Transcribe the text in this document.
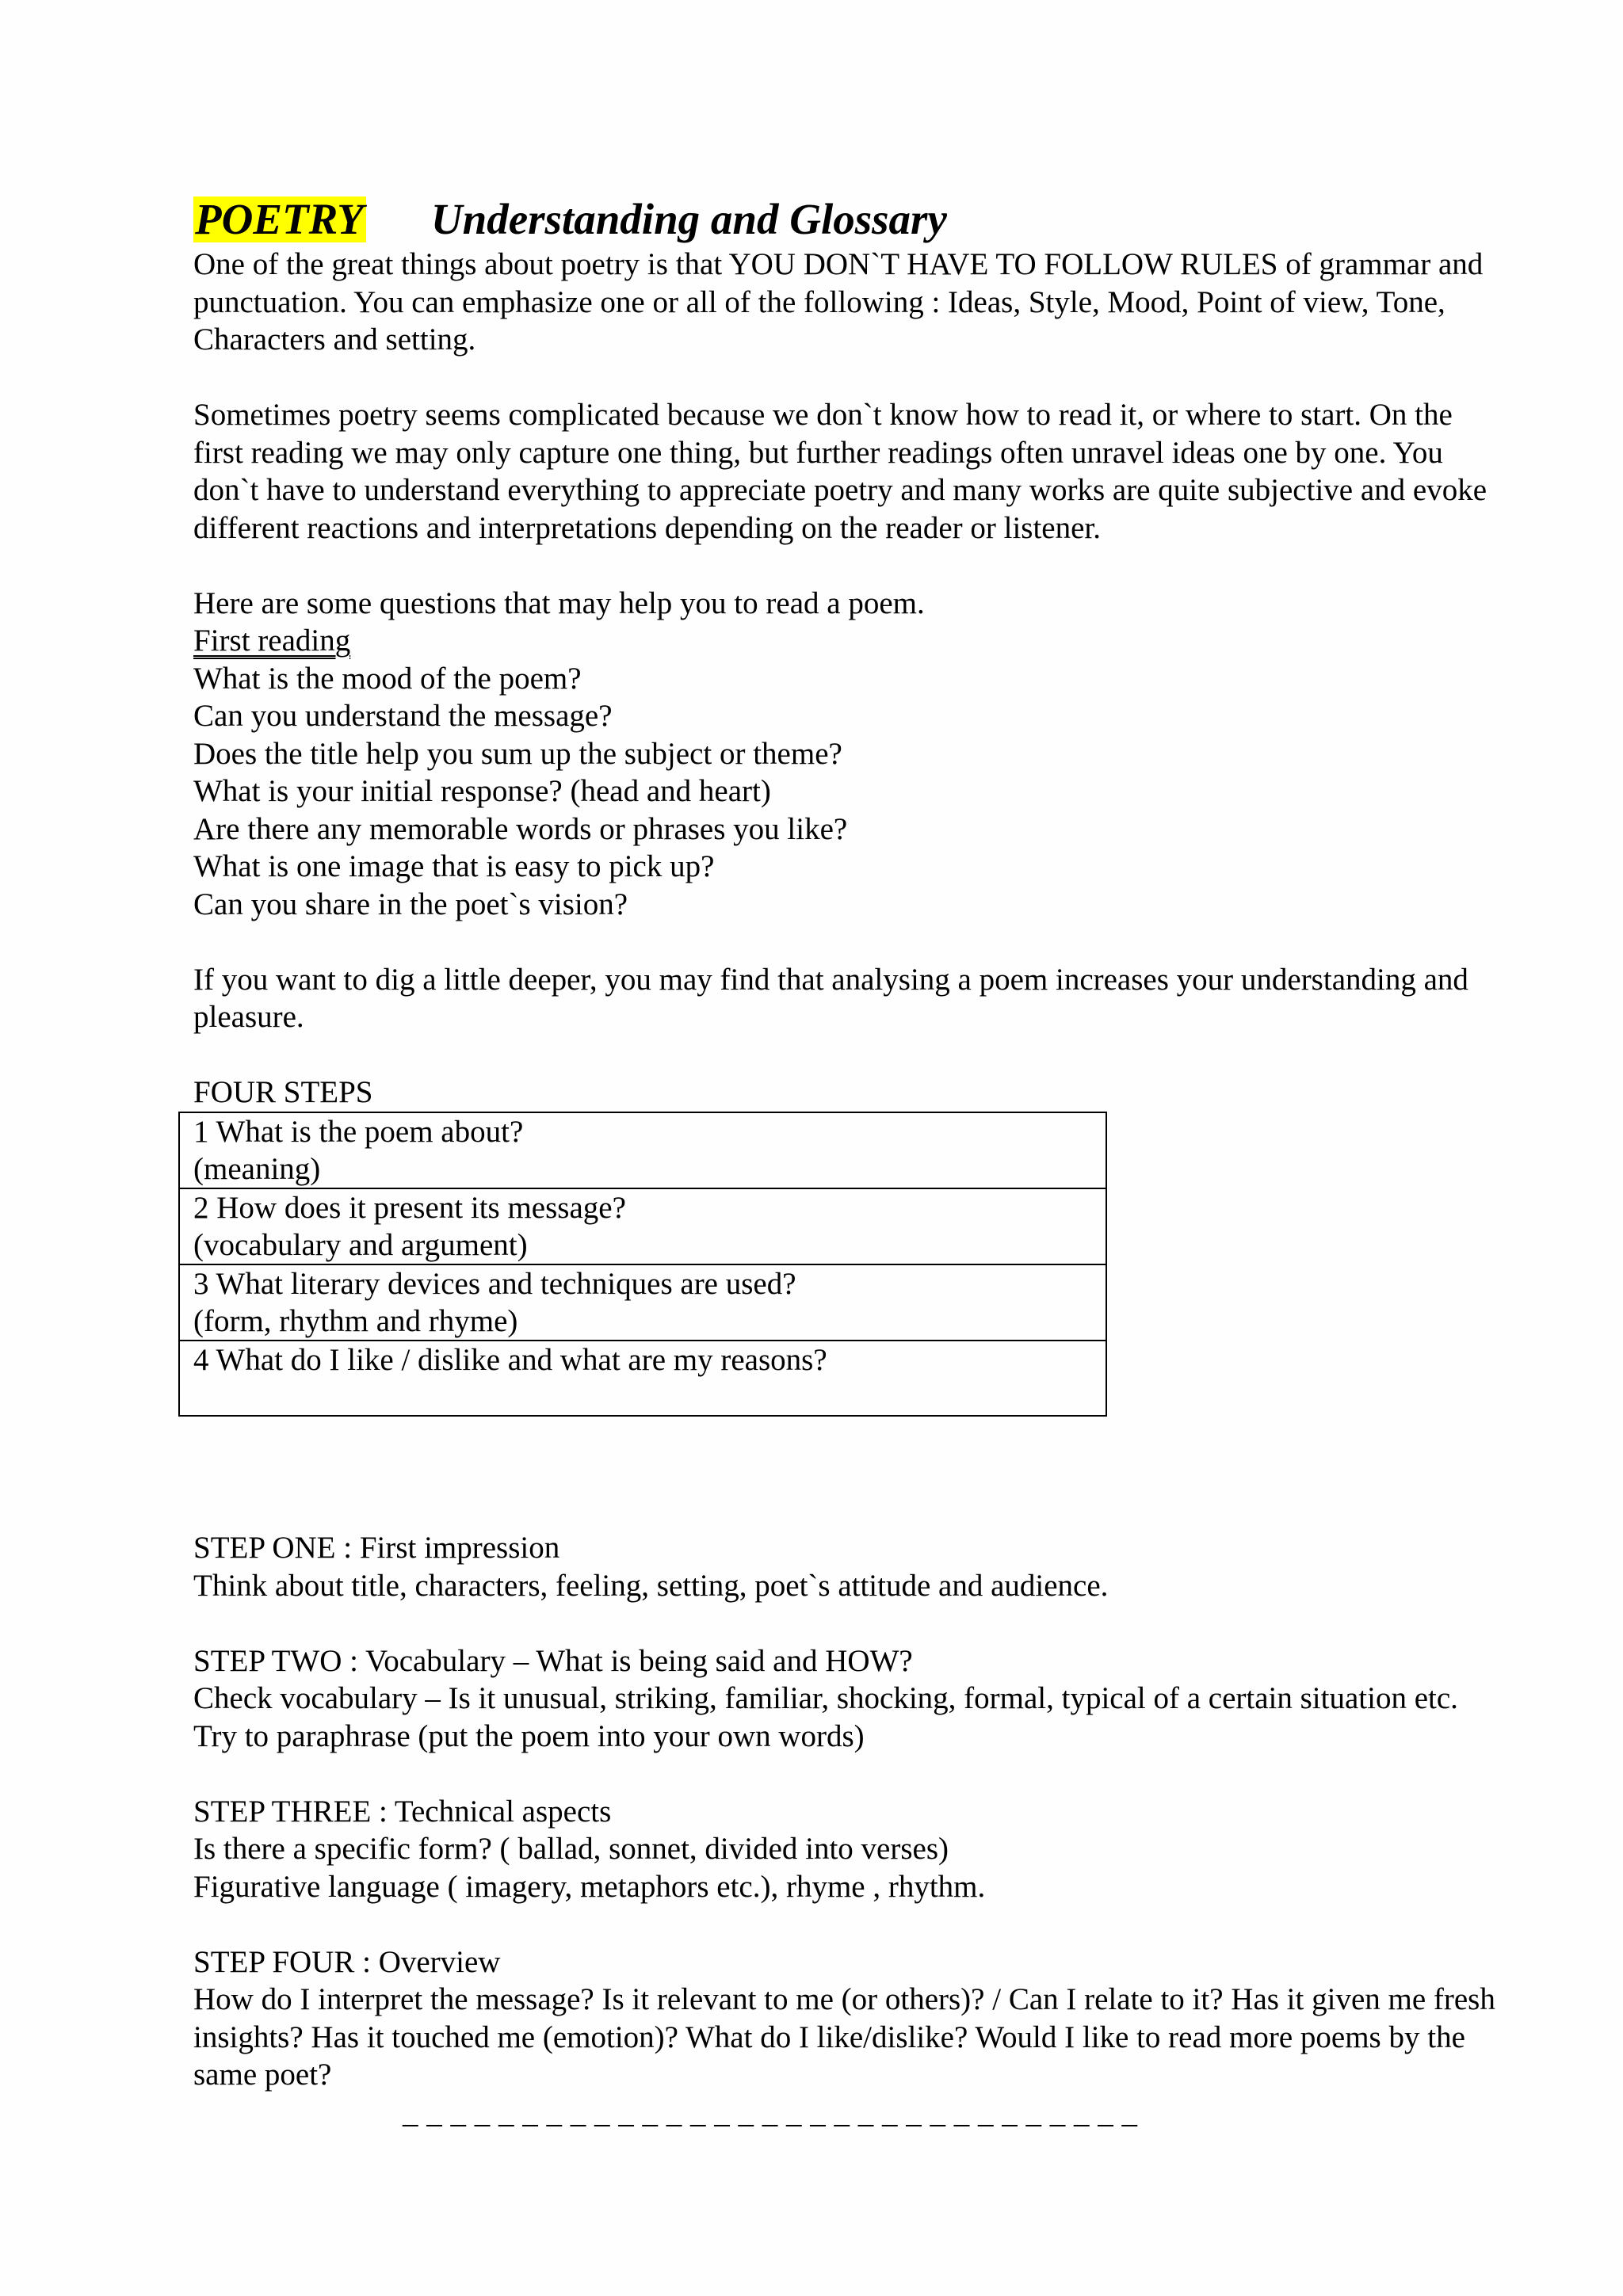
POETRY Understanding and Glossary

One of the great things about poetry is that YOU DON`T HAVE TO FOLLOW RULES of grammar and
punctuation. You can emphasize one or all of the following : Ideas, Style, Mood, Point of view, Tone,
Characters and setting.

Sometimes poetry seems complicated because we don`t know how to read it, or where to start. On the
first reading we may only capture one thing, but further readings often unravel ideas one by one. You
don`t have to understand everything to appreciate poetry and many works are quite subjective and evoke
different reactions and interpretations depending on the reader or listener.

Here are some questions that may help you to read a poem.
First reading
What is the mood of the poem?
Can you understand the message?
Does the title help you sum up the subject or theme?
What is your initial response? (head and heart)
Are there any memorable words or phrases you like?
What is one image that is easy to pick up?
Can you share in the poet`s vision?

If you want to dig a little deeper, you may find that analysing a poem increases your understanding and
pleasure.

FOUR STEPS

1 What is the poem about?
(meaning)
2 How does it present its message?
(vocabulary and argument)
3 What literary devices and techniques are used?
(form, rhythm and rhyme)
4 What do I like / dislike and what are my reasons?

STEP ONE : First impression
Think about title, characters, feeling, setting, poet`s attitude and audience.

STEP TWO : Vocabulary – What is being said and HOW?
Check vocabulary – Is it unusual, striking, familiar, shocking, formal, typical of a certain situation etc.
Try to paraphrase (put the poem into your own words)

STEP THREE : Technical aspects
Is there a specific form? ( ballad, sonnet, divided into verses)
Figurative language ( imagery, metaphors etc.), rhyme , rhythm.

STEP FOUR : Overview
How do I interpret the message? Is it relevant to me (or others)? / Can I relate to it? Has it given me fresh
insights? Has it touched me (emotion)? What do I like/dislike? Would I like to read more poems by the
same poet?

_ _ _ _ _ _ _ _ _ _ _ _ _ _ _ _ _ _ _ _ _ _ _ _ _ _ _ _ _ _ _
